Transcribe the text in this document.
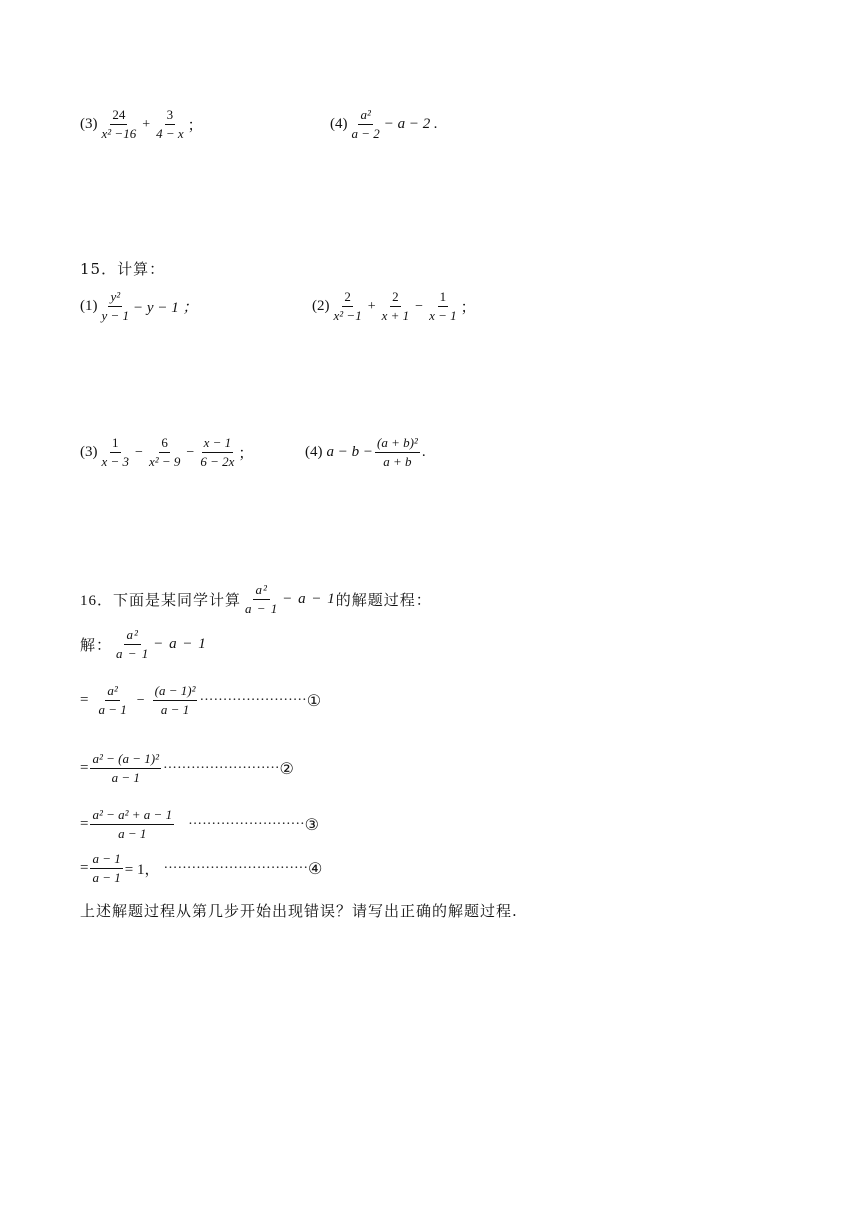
$(3) \frac{24}{\text{x² −16}} + \frac{3}{4 - x}$ ；	$(4) \frac{\text{a²}}{a - 2} - a - 2$ .
15．计算：
$(1) \frac{\text{y²}}{y - 1} - y - 1$ ；	$(2) \frac{2}{\text{x² −1}} + \frac{2}{x + 1} - \frac{1}{x - 1}$ ；
$(3) \frac{1}{x - 3} - \frac{6}{\text{x² − 9}} - \frac{x - 1}{6 - 2x}$ ；	(4) $a - b - \frac{\text{(a + b)²}}{a + b}$ .
16．下面是某同学计算 $\frac{\text{a²}}{a - 1} - a - 1$ 的解题过程：
解： $\frac{\text{a²}}{a - 1} - a - 1$
= $\frac{\text{a²}}{a - 1} - \frac{\text{(a − 1)²}}{a - 1}$ ······················· ①
= $\frac{\text{a² − (a − 1)²}}{a - 1}$ ························· ②
= $\frac{\text{a² − a² + a − 1}}{a - 1}$ ························· ③
= $\frac{a - 1}{a - 1} = 1$， ······························· ④
上述解题过程从第几步开始出现错误？请写出正确的解题过程.
